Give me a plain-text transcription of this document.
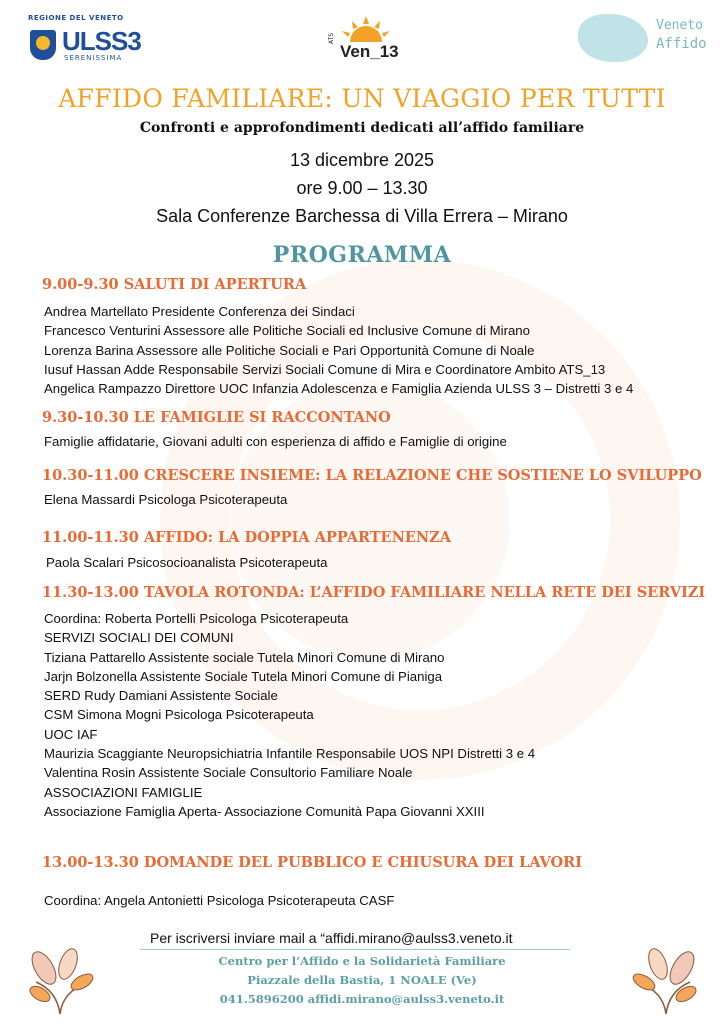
REGIONE DEL VENETO
ULSS3
SERENISSIMA
ATS
Ven_13
Veneto
Affido
AFFIDO FAMILIARE: UN VIAGGIO PER TUTTI
Confronti e approfondimenti dedicati all’affido familiare
13 dicembre 2025
ore 9.00 – 13.30
Sala Conferenze Barchessa di Villa Errera – Mirano
PROGRAMMA
9.00-9.30 SALUTI DI APERTURA
Andrea Martellato Presidente Conferenza dei Sindaci
Francesco Venturini Assessore alle Politiche Sociali ed Inclusive Comune di Mirano
Lorenza Barina Assessore alle Politiche Sociali e Pari Opportunità Comune di Noale
Iusuf Hassan Adde Responsabile Servizi Sociali Comune di Mira e Coordinatore Ambito ATS_13
Angelica Rampazzo Direttore UOC Infanzia Adolescenza e Famiglia Azienda ULSS 3 – Distretti 3 e 4
9.30-10.30 LE FAMIGLIE SI RACCONTANO
Famiglie affidatarie, Giovani adulti con esperienza di affido e Famiglie di origine
10.30-11.00 CRESCERE INSIEME: LA RELAZIONE CHE SOSTIENE LO SVILUPPO
Elena Massardi Psicologa Psicoterapeuta
11.00-11.30 AFFIDO: LA DOPPIA APPARTENENZA
Paola Scalari Psicosocioanalista Psicoterapeuta
11.30-13.00 TAVOLA ROTONDA: L’AFFIDO FAMILIARE NELLA RETE DEI SERVIZI
Coordina: Roberta Portelli Psicologa Psicoterapeuta
SERVIZI SOCIALI DEI COMUNI
Tiziana Pattarello Assistente sociale Tutela Minori Comune di Mirano
Jarjn Bolzonella Assistente Sociale Tutela Minori Comune di Pianiga
SERD Rudy Damiani Assistente Sociale
CSM Simona Mogni Psicologa Psicoterapeuta
UOC IAF
Maurizia Scaggiante Neuropsichiatria Infantile Responsabile UOS NPI Distretti 3 e 4
Valentina Rosin Assistente Sociale Consultorio Familiare Noale
ASSOCIAZIONI FAMIGLIE
Associazione Famiglia Aperta- Associazione Comunità Papa Giovanni XXIII
13.00-13.30 DOMANDE DEL PUBBLICO E CHIUSURA DEI LAVORI
Coordina: Angela Antonietti Psicologa Psicoterapeuta CASF
Per iscriversi inviare mail a “affidi.mirano@aulss3.veneto.it
Centro per l’Affido e la Solidarietà Familiare
Piazzale della Bastia, 1 NOALE (Ve)
041.5896200 affidi.mirano@aulss3.veneto.it
